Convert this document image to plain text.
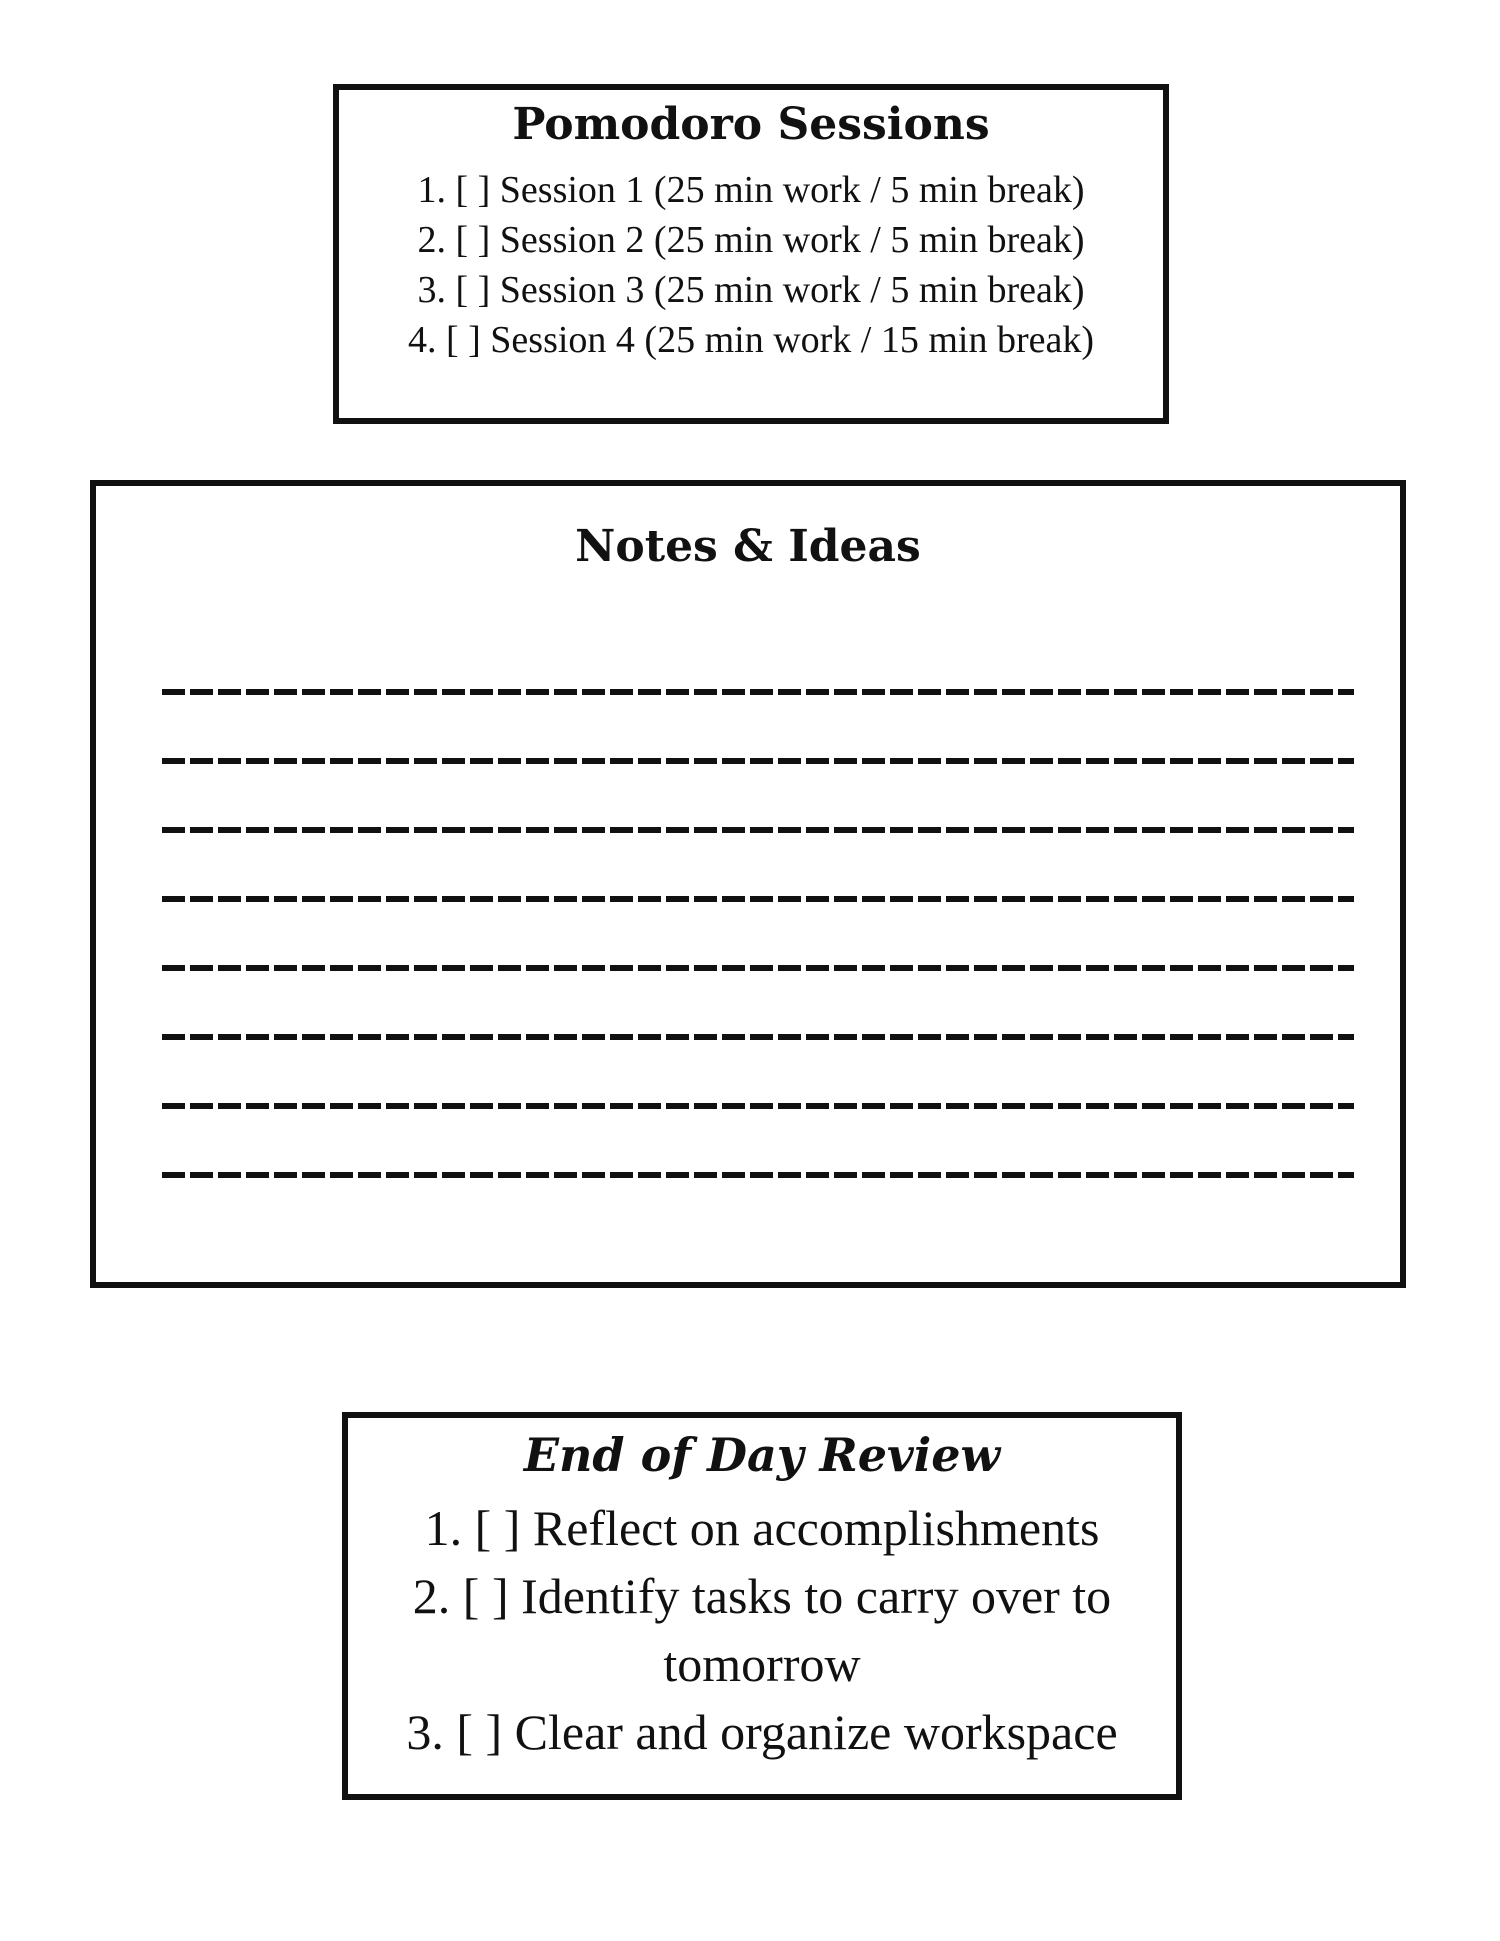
Pomodoro Sessions
1. [ ] Session 1 (25 min work / 5 min break)
2. [ ] Session 2 (25 min work / 5 min break)
3. [ ] Session 3 (25 min work / 5 min break)
4. [ ] Session 4 (25 min work / 15 min break)
Notes & Ideas
End of Day Review
1. [ ] Reflect on accomplishments
2. [ ] Identify tasks to carry over to tomorrow
3. [ ] Clear and organize workspace
